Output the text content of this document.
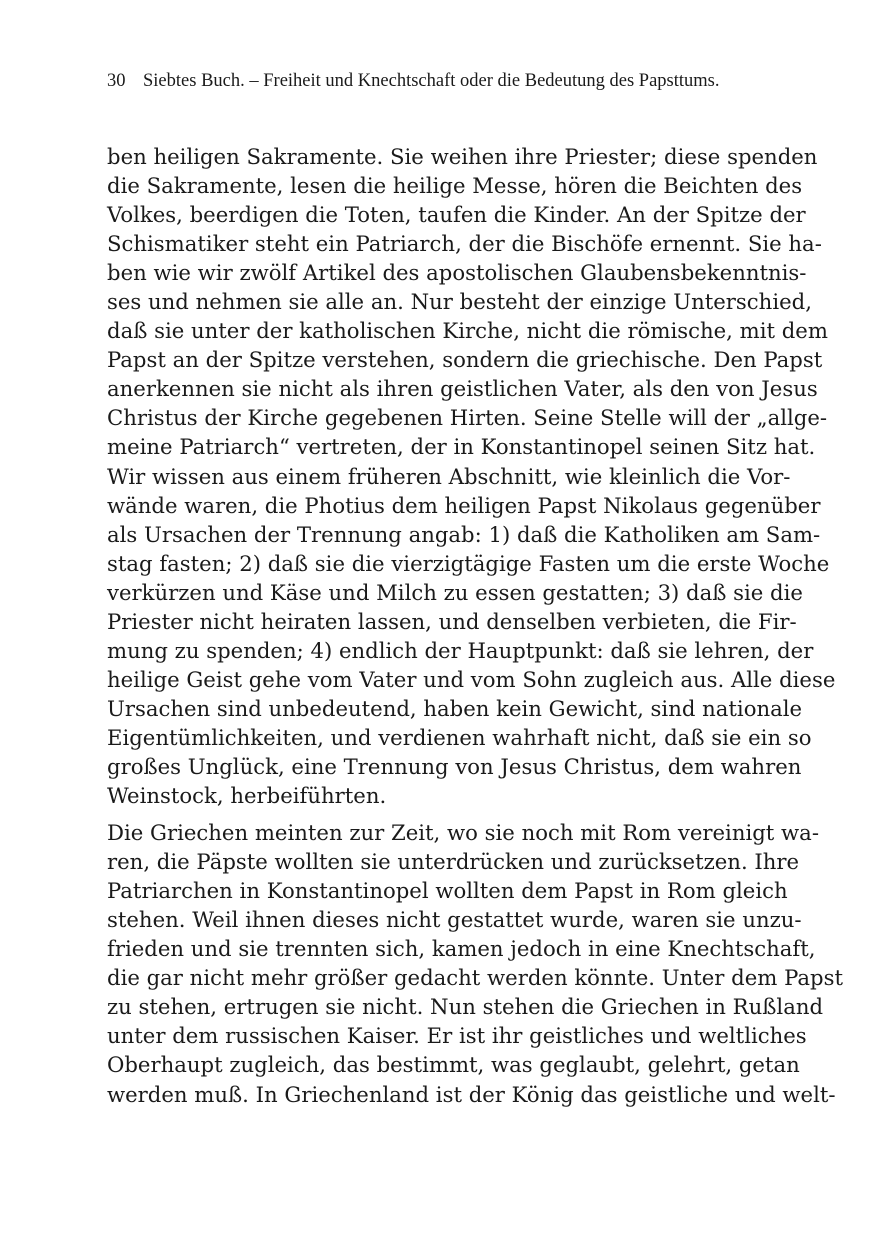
30 Siebtes Buch. – Freiheit und Knechtschaft oder die Bedeutung des Papsttums.
ben heiligen Sakramente. Sie weihen ihre Priester; diese spenden
die Sakramente, lesen die heilige Messe, hören die Beichten des
Volkes, beerdigen die Toten, taufen die Kinder. An der Spitze der
Schismatiker steht ein Patriarch, der die Bischöfe ernennt. Sie ha-
ben wie wir zwölf Artikel des apostolischen Glaubensbekenntnis-
ses und nehmen sie alle an. Nur besteht der einzige Unterschied,
daß sie unter der katholischen Kirche, nicht die römische, mit dem
Papst an der Spitze verstehen, sondern die griechische. Den Papst
anerkennen sie nicht als ihren geistlichen Vater, als den von Jesus
Christus der Kirche gegebenen Hirten. Seine Stelle will der „allge-
meine Patriarch“ vertreten, der in Konstantinopel seinen Sitz hat.
Wir wissen aus einem früheren Abschnitt, wie kleinlich die Vor-
wände waren, die Photius dem heiligen Papst Nikolaus gegenüber
als Ursachen der Trennung angab: 1) daß die Katholiken am Sam-
stag fasten; 2) daß sie die vierzigtägige Fasten um die erste Woche
verkürzen und Käse und Milch zu essen gestatten; 3) daß sie die
Priester nicht heiraten lassen, und denselben verbieten, die Fir-
mung zu spenden; 4) endlich der Hauptpunkt: daß sie lehren, der
heilige Geist gehe vom Vater und vom Sohn zugleich aus. Alle diese
Ursachen sind unbedeutend, haben kein Gewicht, sind nationale
Eigentümlichkeiten, und verdienen wahrhaft nicht, daß sie ein so
großes Unglück, eine Trennung von Jesus Christus, dem wahren
Weinstock, herbeiführten.
Die Griechen meinten zur Zeit, wo sie noch mit Rom vereinigt wa-
ren, die Päpste wollten sie unterdrücken und zurücksetzen. Ihre
Patriarchen in Konstantinopel wollten dem Papst in Rom gleich
stehen. Weil ihnen dieses nicht gestattet wurde, waren sie unzu-
frieden und sie trennten sich, kamen jedoch in eine Knechtschaft,
die gar nicht mehr größer gedacht werden könnte. Unter dem Papst
zu stehen, ertrugen sie nicht. Nun stehen die Griechen in Rußland
unter dem russischen Kaiser. Er ist ihr geistliches und weltliches
Oberhaupt zugleich, das bestimmt, was geglaubt, gelehrt, getan
werden muß. In Griechenland ist der König das geistliche und welt-
